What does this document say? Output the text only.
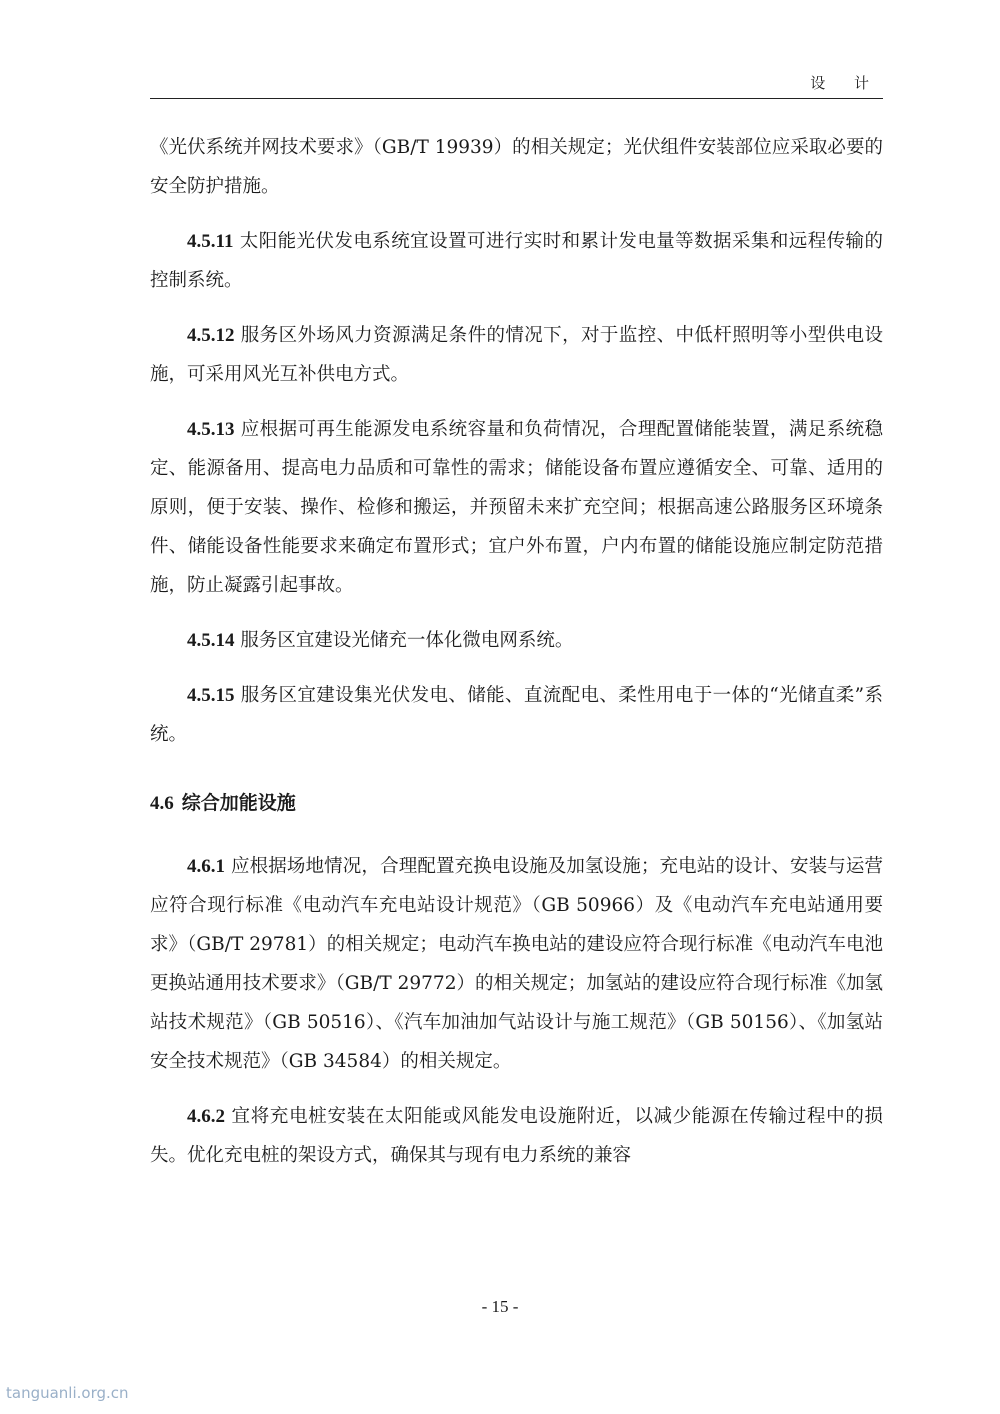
设 计

《光伏系统并网技术要求》（GB/T 19939）的相关规定；光伏组件安装部位应采取必要的安全防护措施。

4.5.11 太阳能光伏发电系统宜设置可进行实时和累计发电量等数据采集和远程传输的控制系统。

4.5.12 服务区外场风力资源满足条件的情况下，对于监控、中低杆照明等小型供电设施，可采用风光互补供电方式。

4.5.13 应根据可再生能源发电系统容量和负荷情况，合理配置储能装置，满足系统稳定、能源备用、提高电力品质和可靠性的需求；储能设备布置应遵循安全、可靠、适用的原则，便于安装、操作、检修和搬运，并预留未来扩充空间；根据高速公路服务区环境条件、储能设备性能要求来确定布置形式；宜户外布置，户内布置的储能设施应制定防范措施，防止凝露引起事故。

4.5.14 服务区宜建设光储充一体化微电网系统。

4.5.15 服务区宜建设集光伏发电、储能、直流配电、柔性用电于一体的“光储直柔”系统。

4.6 综合加能设施

4.6.1 应根据场地情况，合理配置充换电设施及加氢设施；充电站的设计、安装与运营应符合现行标准《电动汽车充电站设计规范》（GB 50966）及《电动汽车充电站通用要求》（GB/T 29781）的相关规定；电动汽车换电站的建设应符合现行标准《电动汽车电池更换站通用技术要求》（GB/T 29772）的相关规定；加氢站的建设应符合现行标准《加氢站技术规范》（GB 50516）、《汽车加油加气站设计与施工规范》（GB 50156）、《加氢站安全技术规范》（GB 34584）的相关规定。

4.6.2 宜将充电桩安装在太阳能或风能发电设施附近，以减少能源在传输过程中的损失。优化充电桩的架设方式，确保其与现有电力系统的兼容

- 15 -
tanguanli.org.cn
